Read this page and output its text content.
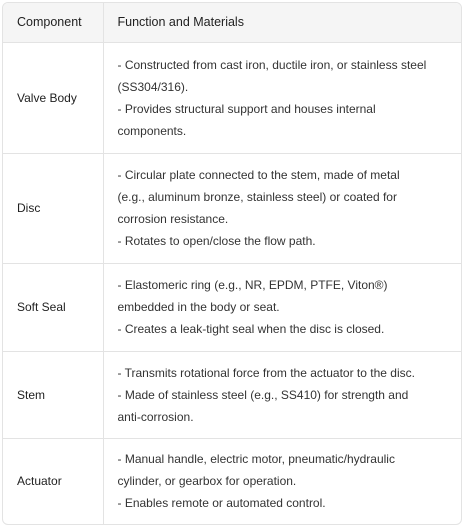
Component	Function and Materials
Valve Body	- Constructed from cast iron, ductile iron, or stainless steel
(SS304/316).
- Provides structural support and houses internal
components.

Disc	- Circular plate connected to the stem, made of metal
(e.g., aluminum bronze, stainless steel) or coated for
corrosion resistance.
- Rotates to open/close the flow path.

Soft Seal	- Elastomeric ring (e.g., NR, EPDM, PTFE, Viton®)
embedded in the body or seat.
- Creates a leak-tight seal when the disc is closed.

Stem	- Transmits rotational force from the actuator to the disc.
- Made of stainless steel (e.g., SS410) for strength and
anti-corrosion.

Actuator	- Manual handle, electric motor, pneumatic/hydraulic
cylinder, or gearbox for operation.
- Enables remote or automated control.
